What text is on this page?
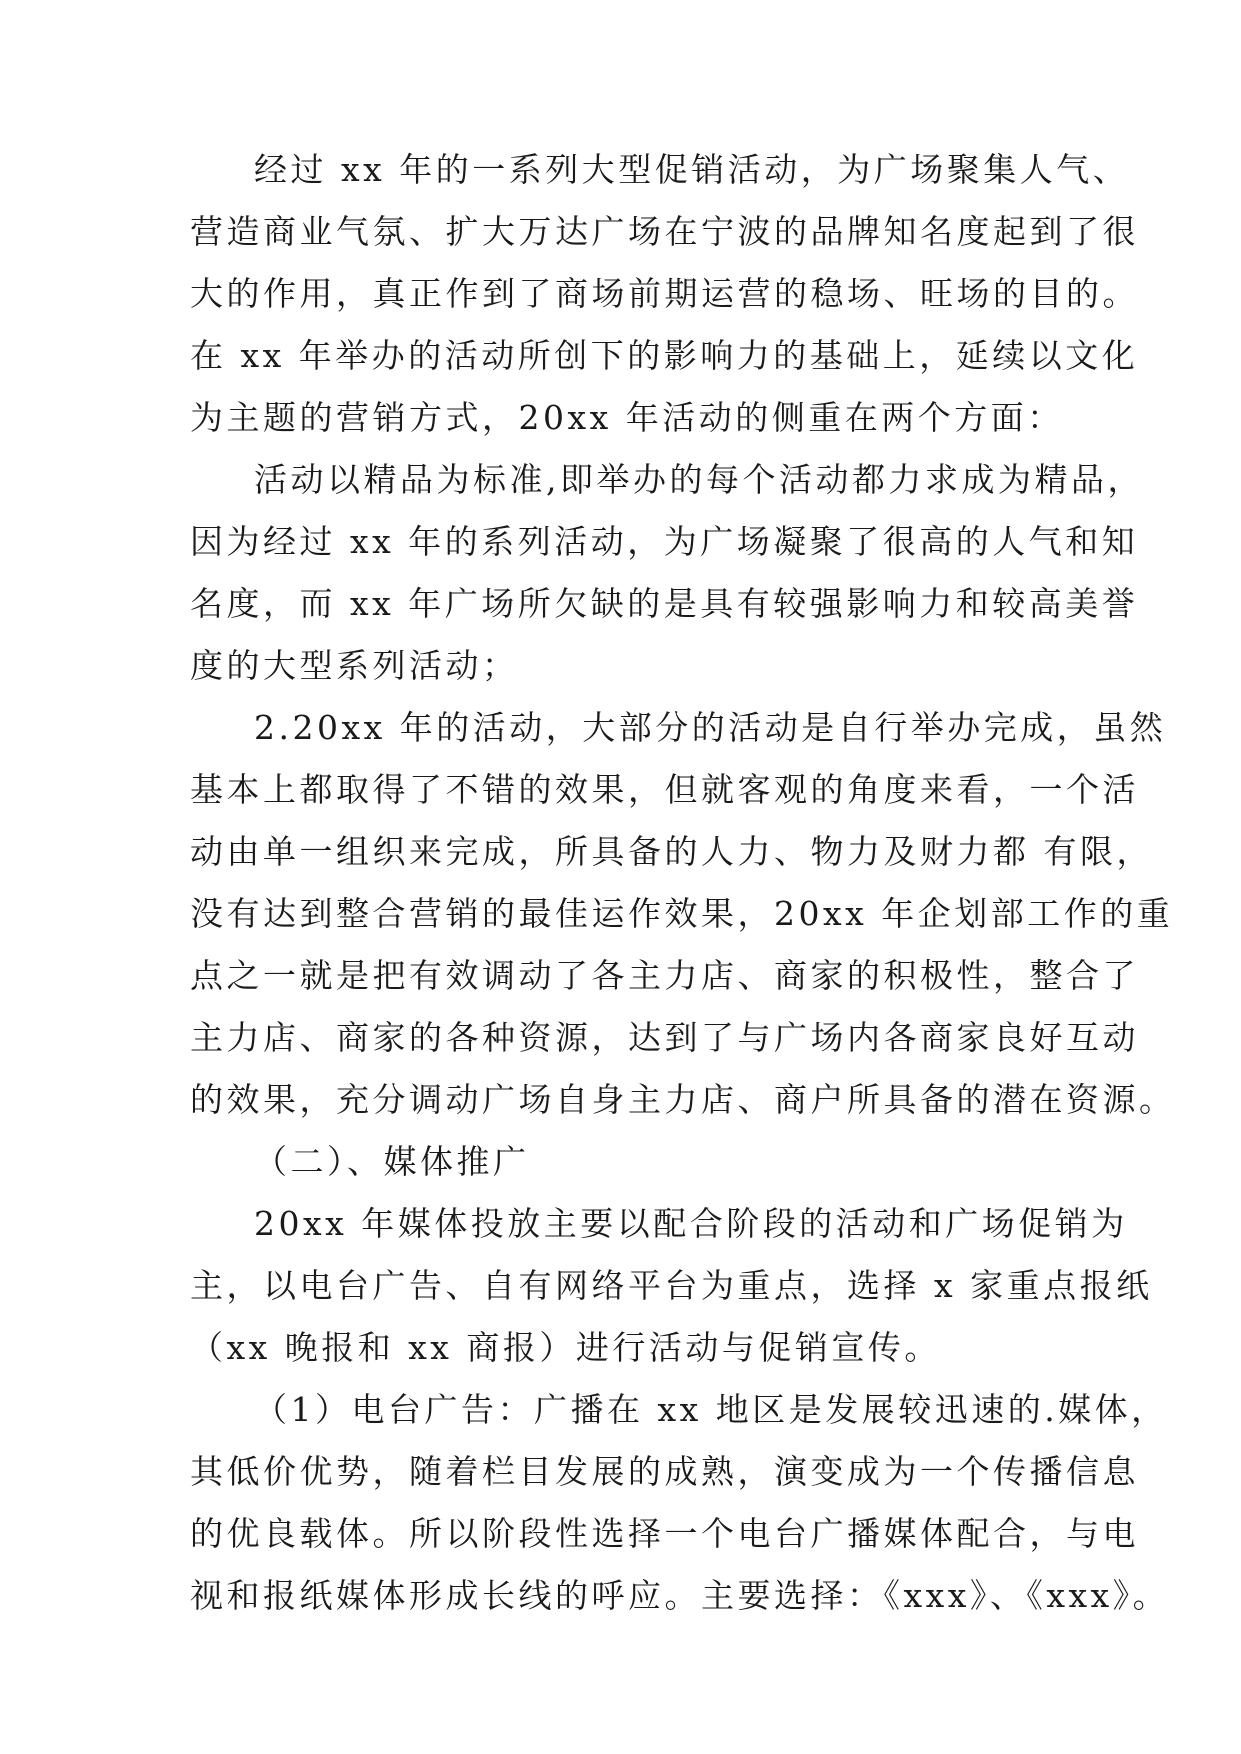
经过 xx 年的一系列大型促销活动，为广场聚集人气、
营造商业气氛、扩大万达广场在宁波的品牌知名度起到了很
大的作用，真正作到了商场前期运营的稳场、旺场的目的。
在 xx 年举办的活动所创下的影响力的基础上，延续以文化
为主题的营销方式，20xx 年活动的侧重在两个方面：
活动以精品为标准,即举办的每个活动都力求成为精品，
因为经过 xx 年的系列活动，为广场凝聚了很高的人气和知
名度，而 xx 年广场所欠缺的是具有较强影响力和较高美誉
度的大型系列活动；
2.20xx 年的活动，大部分的活动是自行举办完成，虽然
基本上都取得了不错的效果，但就客观的角度来看，一个活
动由单一组织来完成，所具备的人力、物力及财力都 有限，
没有达到整合营销的最佳运作效果，20xx 年企划部工作的重
点之一就是把有效调动了各主力店、商家的积极性，整合了
主力店、商家的各种资源，达到了与广场内各商家良好互动
的效果，充分调动广场自身主力店、商户所具备的潜在资源。
（二）、媒体推广
20xx 年媒体投放主要以配合阶段的活动和广场促销为
主，以电台广告、自有网络平台为重点，选择 x 家重点报纸
（xx 晚报和 xx 商报）进行活动与促销宣传。
（1）电台广告：广播在 xx 地区是发展较迅速的.媒体，
其低价优势，随着栏目发展的成熟，演变成为一个传播信息
的优良载体。所以阶段性选择一个电台广播媒体配合，与电
视和报纸媒体形成长线的呼应。主要选择：《xxx》、《xxx》。
